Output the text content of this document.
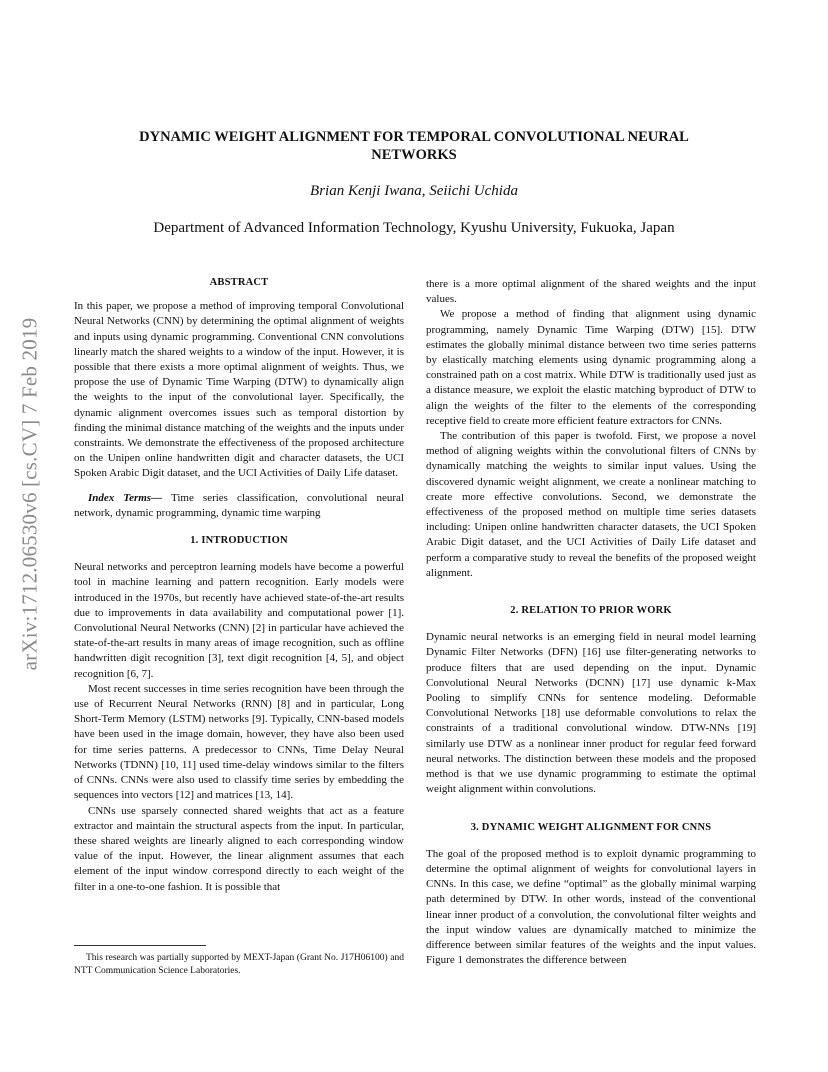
arXiv:1712.06530v6 [cs.CV] 7 Feb 2019
DYNAMIC WEIGHT ALIGNMENT FOR TEMPORAL CONVOLUTIONAL NEURAL NETWORKS
Brian Kenji Iwana, Seiichi Uchida
Department of Advanced Information Technology, Kyushu University, Fukuoka, Japan
ABSTRACT

In this paper, we propose a method of improving temporal Convolutional Neural Networks (CNN) by determining the optimal alignment of weights and inputs using dynamic programming. Conventional CNN convolutions linearly match the shared weights to a window of the input. However, it is possible that there exists a more optimal alignment of weights. Thus, we propose the use of Dynamic Time Warping (DTW) to dynamically align the weights to the input of the convolutional layer. Specifically, the dynamic alignment overcomes issues such as temporal distortion by finding the minimal distance matching of the weights and the inputs under constraints. We demonstrate the effectiveness of the proposed architecture on the Unipen online handwritten digit and character datasets, the UCI Spoken Arabic Digit dataset, and the UCI Activities of Daily Life dataset.

Index Terms— Time series classification, convolutional neural network, dynamic programming, dynamic time warping

1. INTRODUCTION

Neural networks and perceptron learning models have become a powerful tool in machine learning and pattern recognition. Early models were introduced in the 1970s, but recently have achieved state-of-the-art results due to improvements in data availability and computational power [1]. Convolutional Neural Networks (CNN) [2] in particular have achieved the state-of-the-art results in many areas of image recognition, such as offline handwritten digit recognition [3], text digit recognition [4, 5], and object recognition [6, 7].

Most recent successes in time series recognition have been through the use of Recurrent Neural Networks (RNN) [8] and in particular, Long Short-Term Memory (LSTM) networks [9]. Typically, CNN-based models have been used in the image domain, however, they have also been used for time series patterns. A predecessor to CNNs, Time Delay Neural Networks (TDNN) [10, 11] used time-delay windows similar to the filters of CNNs. CNNs were also used to classify time series by embedding the sequences into vectors [12] and matrices [13, 14].

CNNs use sparsely connected shared weights that act as a feature extractor and maintain the structural aspects from the input. In particular, these shared weights are linearly aligned to each corresponding window value of the input. However, the linear alignment assumes that each element of the input window correspond directly to each weight of the filter in a one-to-one fashion. It is possible that

This research was partially supported by MEXT-Japan (Grant No. J17H06100) and NTT Communication Science Laboratories.

there is a more optimal alignment of the shared weights and the input values.

We propose a method of finding that alignment using dynamic programming, namely Dynamic Time Warping (DTW) [15]. DTW estimates the globally minimal distance between two time series patterns by elastically matching elements using dynamic programming along a constrained path on a cost matrix. While DTW is traditionally used just as a distance measure, we exploit the elastic matching byproduct of DTW to align the weights of the filter to the elements of the corresponding receptive field to create more efficient feature extractors for CNNs.

The contribution of this paper is twofold. First, we propose a novel method of aligning weights within the convolutional filters of CNNs by dynamically matching the weights to similar input values. Using the discovered dynamic weight alignment, we create a nonlinear matching to create more effective convolutions. Second, we demonstrate the effectiveness of the proposed method on multiple time series datasets including: Unipen online handwritten character datasets, the UCI Spoken Arabic Digit dataset, and the UCI Activities of Daily Life dataset and perform a comparative study to reveal the benefits of the proposed weight alignment.

2. RELATION TO PRIOR WORK

Dynamic neural networks is an emerging field in neural model learning Dynamic Filter Networks (DFN) [16] use filter-generating networks to produce filters that are used depending on the input. Dynamic Convolutional Neural Networks (DCNN) [17] use dynamic k-Max Pooling to simplify CNNs for sentence modeling. Deformable Convolutional Networks [18] use deformable convolutions to relax the constraints of a traditional convolutional window. DTW-NNs [19] similarly use DTW as a nonlinear inner product for regular feed forward neural networks. The distinction between these models and the proposed method is that we use dynamic programming to estimate the optimal weight alignment within convolutions.

3. DYNAMIC WEIGHT ALIGNMENT FOR CNNS

The goal of the proposed method is to exploit dynamic programming to determine the optimal alignment of weights for convolutional layers in CNNs. In this case, we define “optimal” as the globally minimal warping path determined by DTW. In other words, instead of the conventional linear inner product of a convolution, the convolutional filter weights and the input window values are dynamically matched to minimize the difference between similar features of the weights and the input values. Figure 1 demonstrates the difference between
